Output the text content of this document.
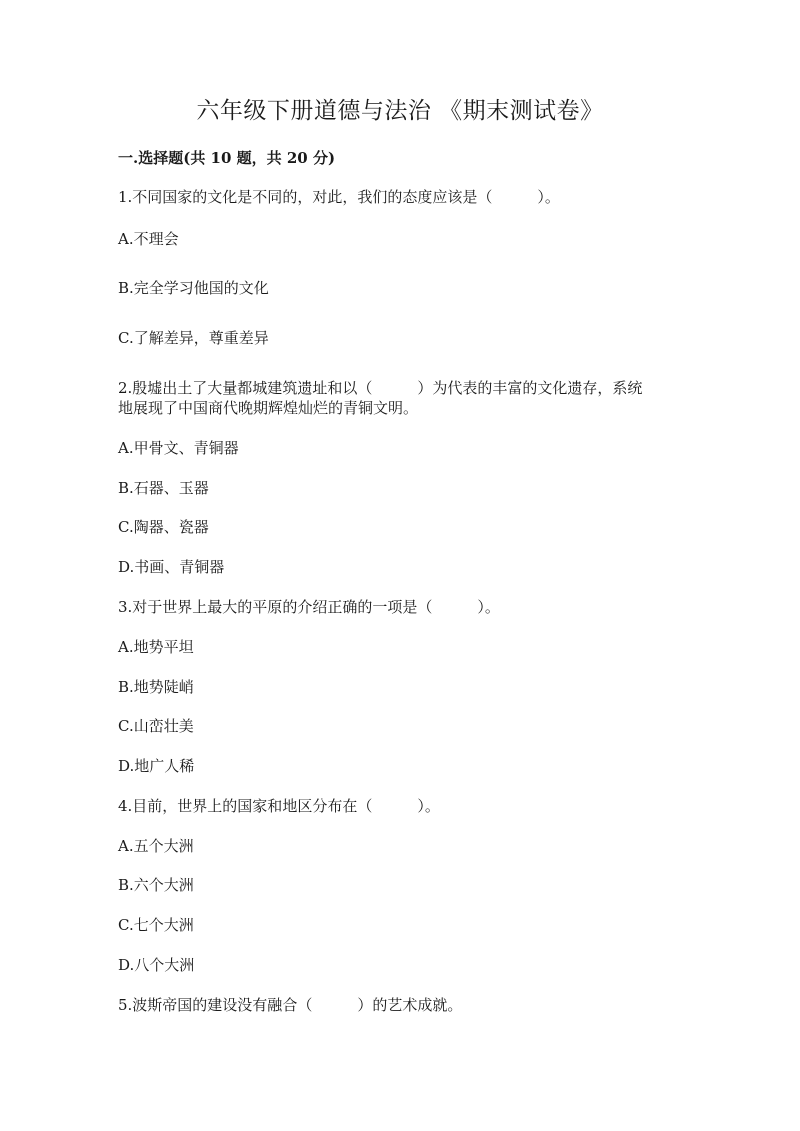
六年级下册道德与法治 《期末测试卷》
一.选择题(共 10 题，共 20 分)
1.不同国家的文化是不同的，对此，我们的态度应该是（　　　）。
A.不理会
B.完全学习他国的文化
C.了解差异，尊重差异
2.殷墟出土了大量都城建筑遗址和以（　　　）为代表的丰富的文化遗存，系统
地展现了中国商代晚期辉煌灿烂的青铜文明。
A.甲骨文、青铜器
B.石器、玉器
C.陶器、瓷器
D.书画、青铜器
3.对于世界上最大的平原的介绍正确的一项是（　　　）。
A.地势平坦
B.地势陡峭
C.山峦壮美
D.地广人稀
4.目前，世界上的国家和地区分布在（　　　）。
A.五个大洲
B.六个大洲
C.七个大洲
D.八个大洲
5.波斯帝国的建设没有融合（　　　）的艺术成就。
